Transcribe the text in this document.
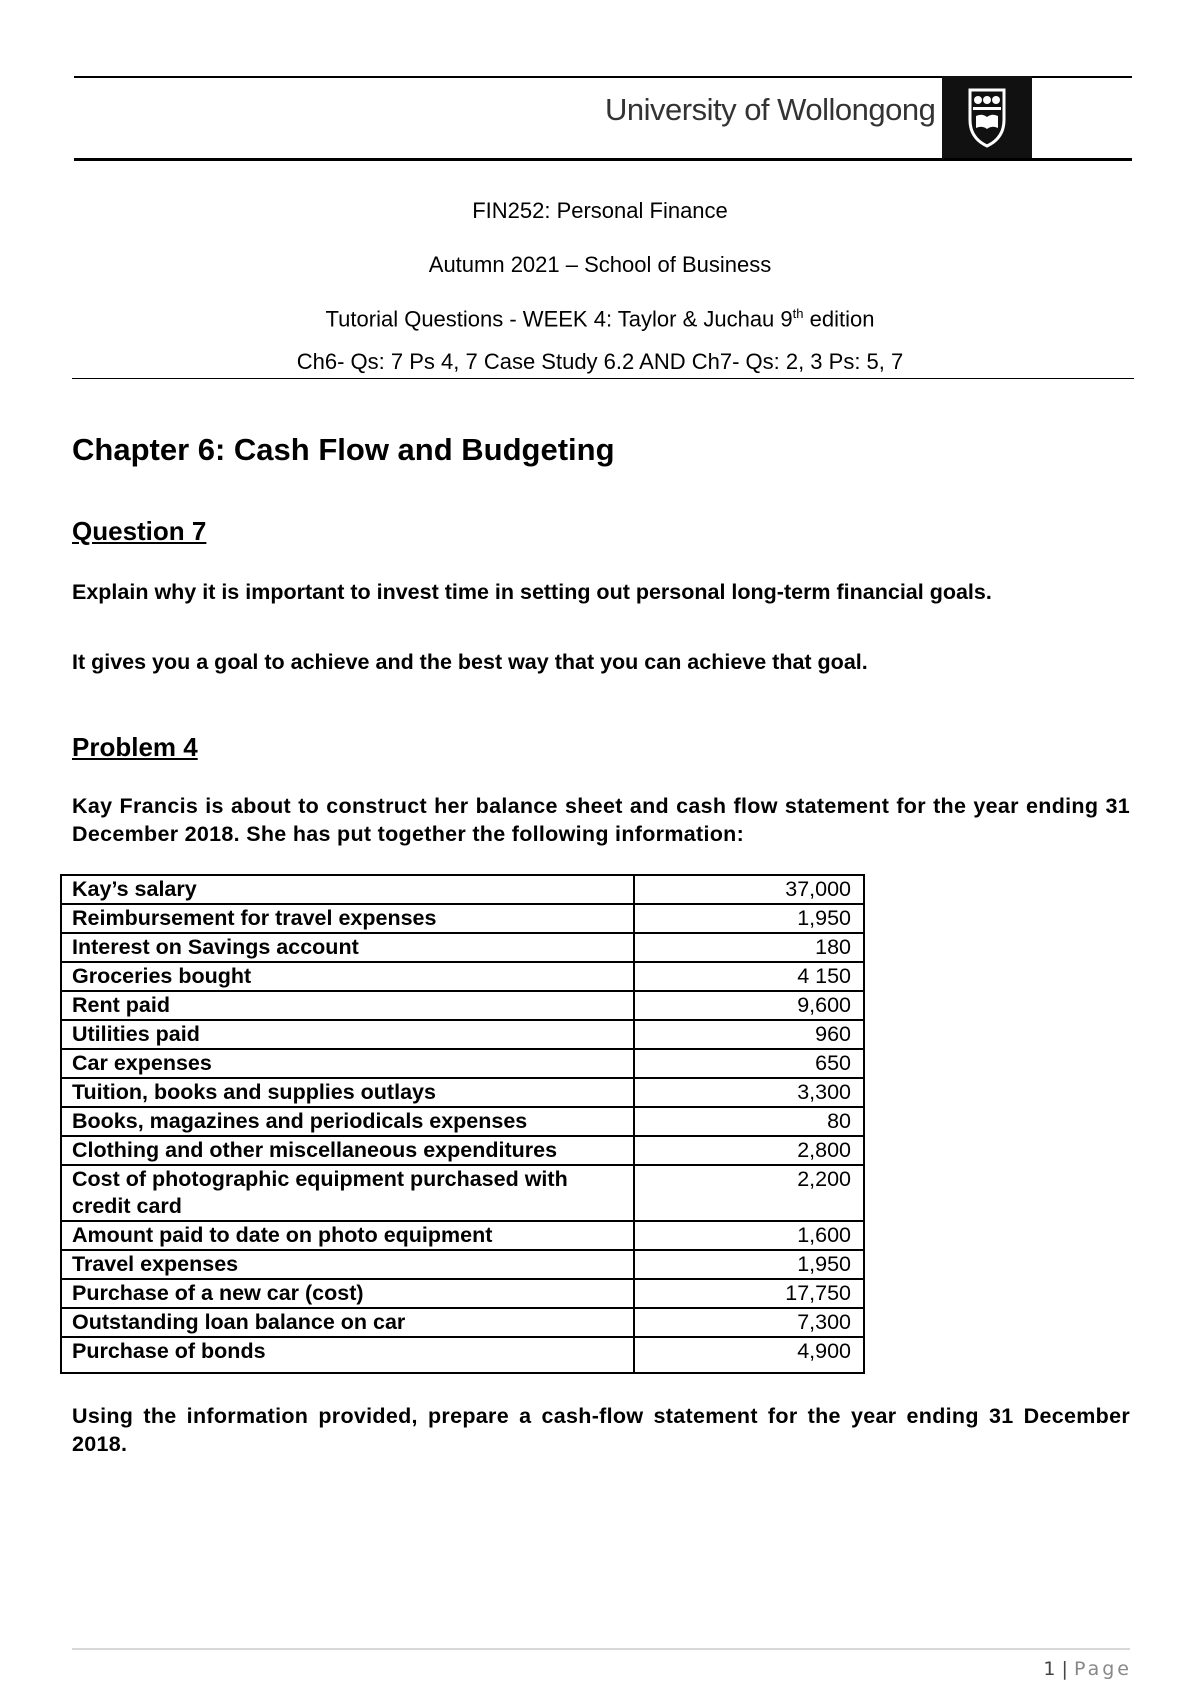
University of Wollongong
FIN252: Personal Finance
Autumn 2021 – School of Business
Tutorial Questions - WEEK 4: Taylor & Juchau 9th edition
Ch6- Qs: 7 Ps 4, 7 Case Study 6.2 AND Ch7- Qs: 2, 3 Ps: 5, 7
Chapter 6: Cash Flow and Budgeting
Question 7
Explain why it is important to invest time in setting out personal long-term financial goals.
It gives you a goal to achieve and the best way that you can achieve that goal.
Problem 4
Kay Francis is about to construct her balance sheet and cash flow statement for the year ending 31 December 2018. She has put together the following information:
Kay’s salary	37,000
Reimbursement for travel expenses	1,950
Interest on Savings account	180
Groceries bought	4 150
Rent paid	9,600
Utilities paid	960
Car expenses	650
Tuition, books and supplies outlays	3,300
Books, magazines and periodicals expenses	80
Clothing and other miscellaneous expenditures	2,800
Cost of photographic equipment purchased with credit card	2,200
Amount paid to date on photo equipment	1,600
Travel expenses	1,950
Purchase of a new car (cost)	17,750
Outstanding loan balance on car	7,300
Purchase of bonds	4,900
Using the information provided, prepare a cash-flow statement for the year ending 31 December 2018.
1 | Page
